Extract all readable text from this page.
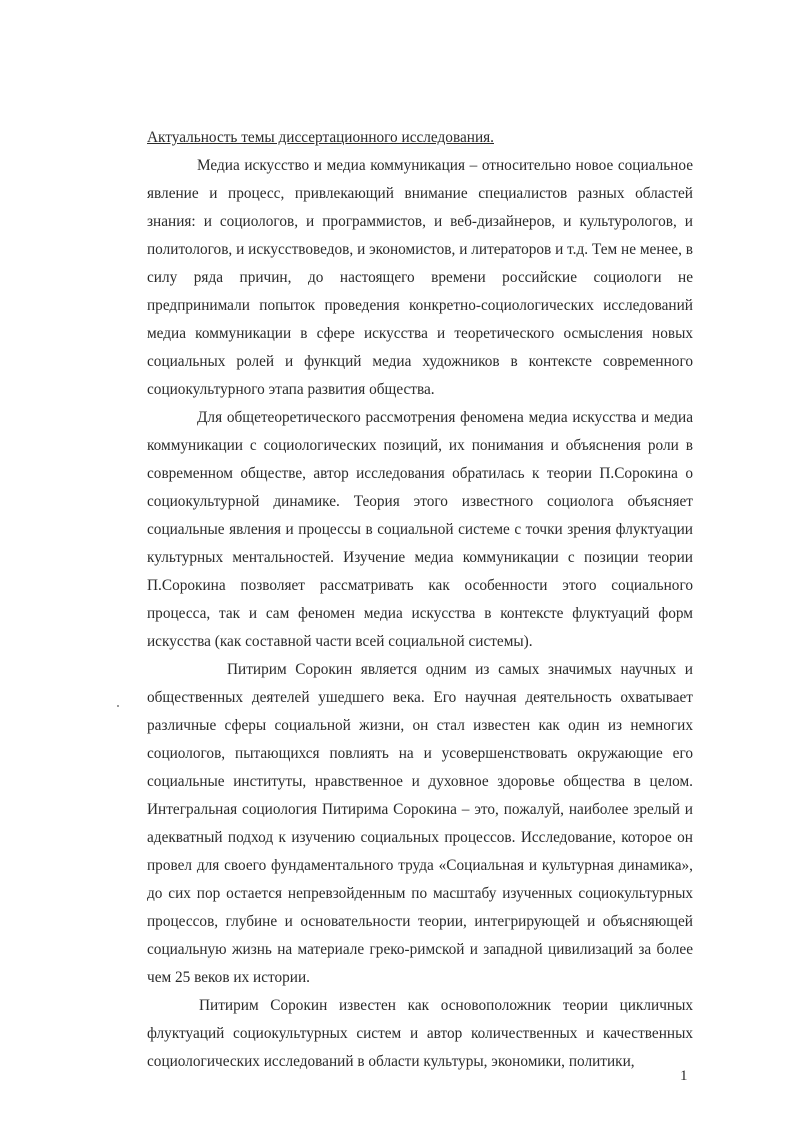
Актуальность темы диссертационного исследования.

Медиа искусство и медиа коммуникация – относительно новое социальное явление и процесс, привлекающий внимание специалистов разных областей знания: и социологов, и программистов, и веб-дизайнеров, и культурологов, и политологов, и искусствоведов, и экономистов, и литераторов и т.д. Тем не менее, в силу ряда причин, до настоящего времени российские социологи не предпринимали попыток проведения конкретно-социологических исследований медиа коммуникации в сфере искусства и теоретического осмысления новых социальных ролей и функций медиа художников в контексте современного социокультурного этапа развития общества.

Для общетеоретического рассмотрения феномена медиа искусства и медиа коммуникации с социологических позиций, их понимания и объяснения роли в современном обществе, автор исследования обратилась к теории П.Сорокина о социокультурной динамике. Теория этого известного социолога объясняет социальные явления и процессы в социальной системе с точки зрения флуктуации культурных ментальностей. Изучение медиа коммуникации с позиции теории П.Сорокина позволяет рассматривать как особенности этого социального процесса, так и сам феномен медиа искусства в контексте флуктуаций форм искусства (как составной части всей социальной системы).

Питирим Сорокин является одним из самых значимых научных и общественных деятелей ушедшего века. Его научная деятельность охватывает различные сферы социальной жизни, он стал известен как один из немногих социологов, пытающихся повлиять на и усовершенствовать окружающие его социальные институты, нравственное и духовное здоровье общества в целом. Интегральная социология Питирима Сорокина – это, пожалуй, наиболее зрелый и адекватный подход к изучению социальных процессов. Исследование, которое он провел для своего фундаментального труда «Социальная и культурная динамика», до сих пор остается непревзойденным по масштабу изученных социокультурных процессов, глубине и основательности теории, интегрирующей и объясняющей социальную жизнь на материале греко-римской и западной цивилизаций за более чем 25 веков их истории.

Питирим Сорокин известен как основоположник теории цикличных флуктуаций социокультурных систем и автор количественных и качественных социологических исследований в области культуры, экономики, политики,

1
